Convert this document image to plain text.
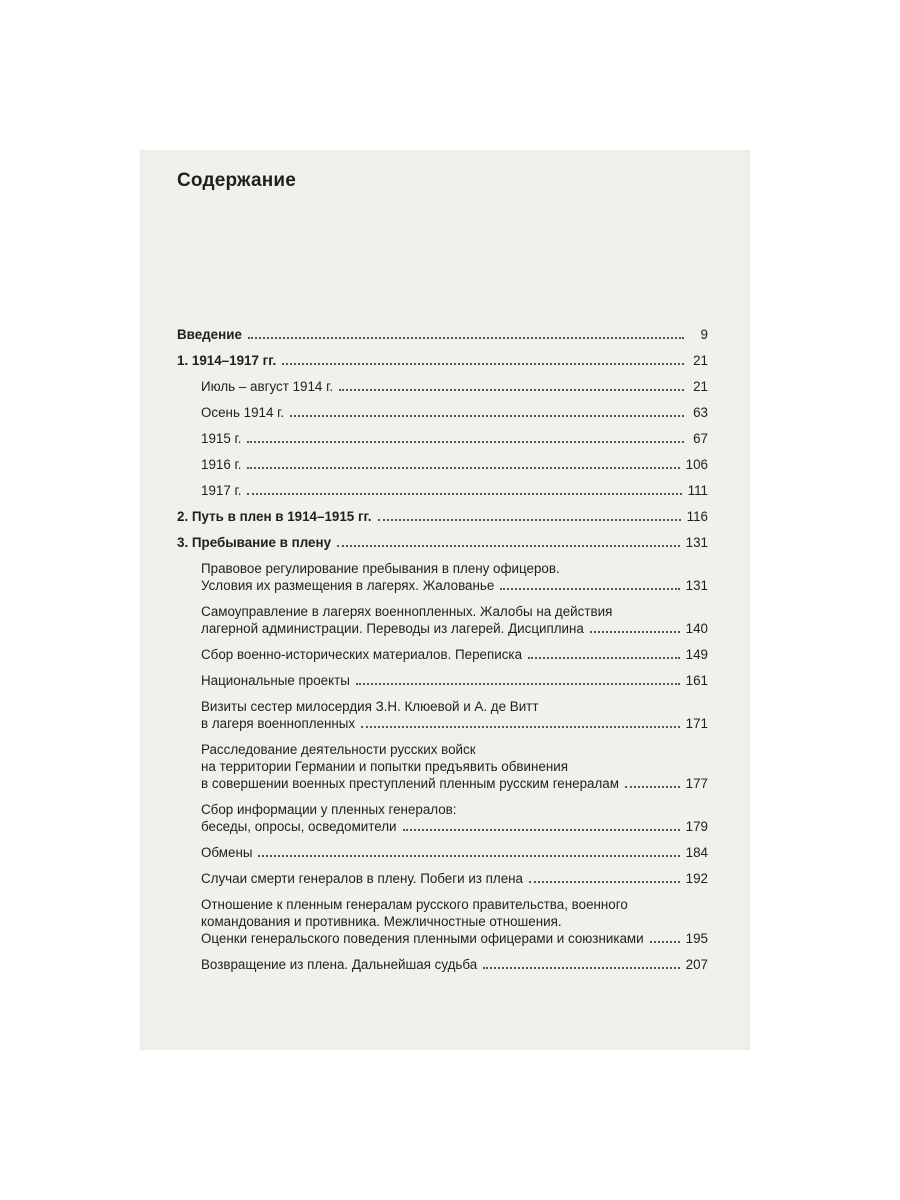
Содержание
Введение	9
1. 1914–1917 гг.	21
Июль – август 1914 г.	21
Осень 1914 г.	63
1915 г.	67
1916 г.	106
1917 г.	111
2. Путь в плен в 1914–1915 гг.	116
3. Пребывание в плену	131
Правовое регулирование пребывания в плену офицеров.
Условия их размещения в лагерях. Жалованье	131
Самоуправление в лагерях военнопленных. Жалобы на действия
лагерной администрации. Переводы из лагерей. Дисциплина	140
Сбор военно-исторических материалов. Переписка	149
Национальные проекты	161
Визиты сестер милосердия З.Н. Клюевой и А. де Витт
в лагеря военнопленных	171
Расследование деятельности русских войск
на территории Германии и попытки предъявить обвинения
в совершении военных преступлений пленным русским генералам	177
Сбор информации у пленных генералов:
беседы, опросы, осведомители	179
Обмены	184
Случаи смерти генералов в плену. Побеги из плена	192
Отношение к пленным генералам русского правительства, военного
командования и противника. Межличностные отношения.
Оценки генеральского поведения пленными офицерами и союзниками	195
Возвращение из плена. Дальнейшая судьба	207
